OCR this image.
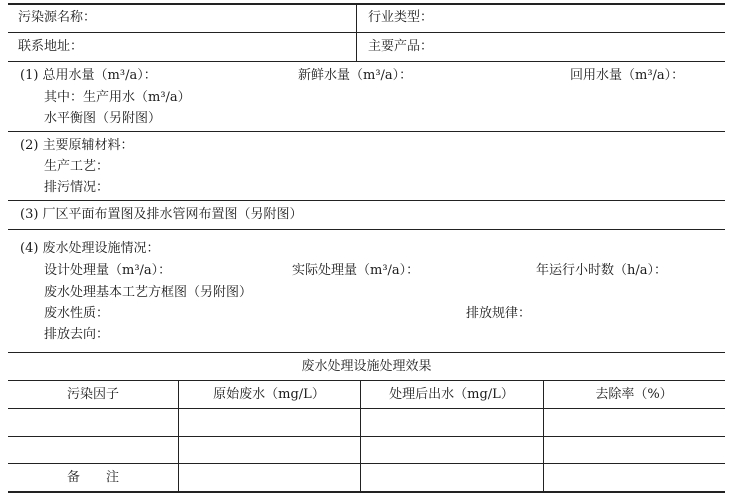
污染源名称：	行业类型：
联系地址：	主要产品：
(1) 总用水量（m³/a）：	新鲜水量（m³/a）：	回用水量（m³/a）：
其中：生产用水（m³/a）
水平衡图（另附图）
(2) 主要原辅材料：
生产工艺：
排污情况：
(3) 厂区平面布置图及排水管网布置图（另附图）
(4) 废水处理设施情况：
设计处理量（m³/a）：	实际处理量（m³/a）：	年运行小时数（h/a）：
废水处理基本工艺方框图（另附图）
废水性质：	排放规律：
排放去向：
废水处理设施处理效果
污染因子	原始废水（mg/L）	处理后出水（mg/L）	去除率（%）
备　　注
